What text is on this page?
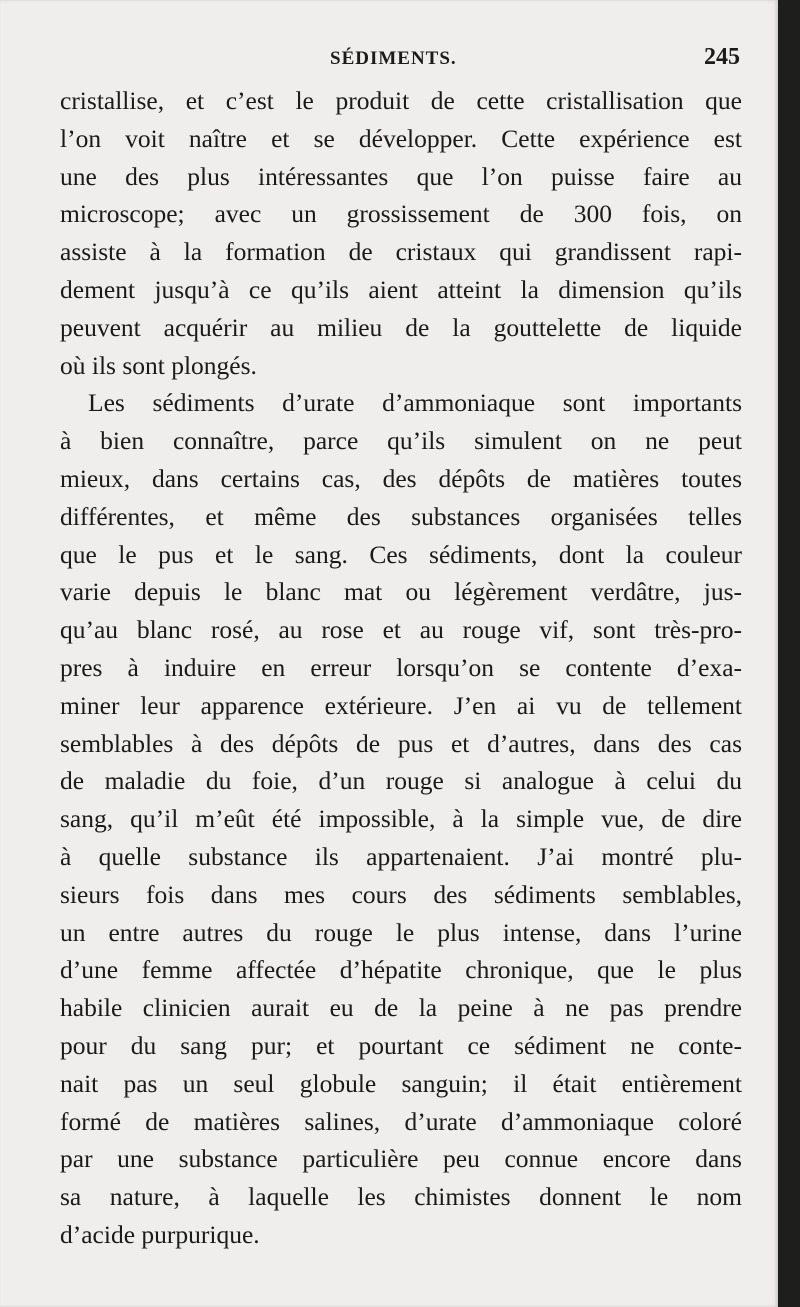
SÉDIMENTS.	245
cristallise, et c’est le produit de cette cristallisation que
l’on voit naître et se développer. Cette expérience est
une des plus intéressantes que l’on puisse faire au
microscope; avec un grossissement de 300 fois, on
assiste à la formation de cristaux qui grandissent rapi-
dement jusqu’à ce qu’ils aient atteint la dimension qu’ils
peuvent acquérir au milieu de la gouttelette de liquide
où ils sont plongés.
Les sédiments d’urate d’ammoniaque sont importants
à bien connaître, parce qu’ils simulent on ne peut
mieux, dans certains cas, des dépôts de matières toutes
différentes, et même des substances organisées telles
que le pus et le sang. Ces sédiments, dont la couleur
varie depuis le blanc mat ou légèrement verdâtre, jus-
qu’au blanc rosé, au rose et au rouge vif, sont très-pro-
pres à induire en erreur lorsqu’on se contente d’exa-
miner leur apparence extérieure. J’en ai vu de tellement
semblables à des dépôts de pus et d’autres, dans des cas
de maladie du foie, d’un rouge si analogue à celui du
sang, qu’il m’eût été impossible, à la simple vue, de dire
à quelle substance ils appartenaient. J’ai montré plu-
sieurs fois dans mes cours des sédiments semblables,
un entre autres du rouge le plus intense, dans l’urine
d’une femme affectée d’hépatite chronique, que le plus
habile clinicien aurait eu de la peine à ne pas prendre
pour du sang pur; et pourtant ce sédiment ne conte-
nait pas un seul globule sanguin; il était entièrement
formé de matières salines, d’urate d’ammoniaque coloré
par une substance particulière peu connue encore dans
sa nature, à laquelle les chimistes donnent le nom
d’acide purpurique.
